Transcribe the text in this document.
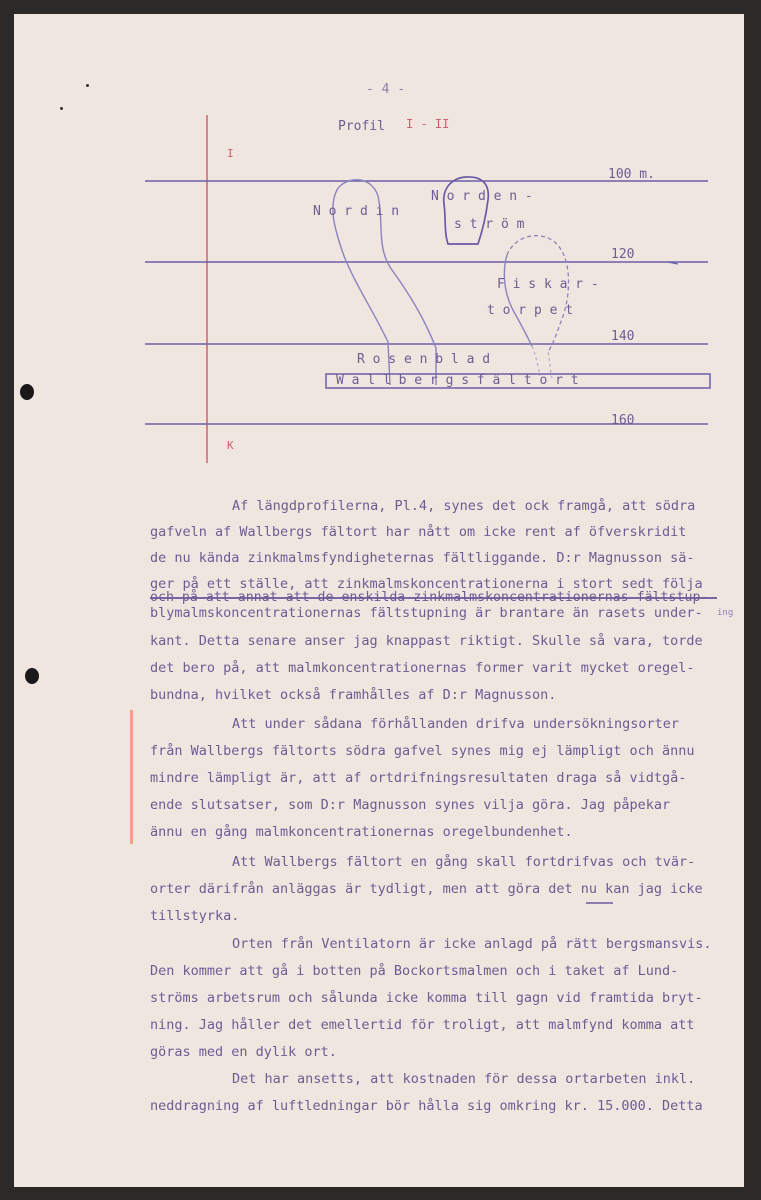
- 4 -
Profil I - II
I
K
100 m.
120
140
160
N o r d i n
N o r d e n -
s t r ö m
F i s k a r -
t o r p e t
R o s e n b l a d
W a l l b e r g s f ä l t o r t
ing
Af längdprofilerna, Pl.4, synes det ock framgå, att södra
gafveln af Wallbergs fältort har nått om icke rent af öfverskridit
de nu kända zinkmalmsfyndigheternas fältliggande. D:r Magnusson sä-
ger på ett ställe, att zinkmalmskoncentrationerna i stort sedt följa
och på att annat att de enskilda zinkmalmskoncentrationernas fältstup-
blymalmskoncentrationernas fältstupning är brantare än rasets under-
kant. Detta senare anser jag knappast riktigt. Skulle så vara, torde
det bero på, att malmkoncentrationernas former varit mycket oregel-
bundna, hvilket också framhålles af D:r Magnusson.
Att under sådana förhållanden drifva undersökningsorter
från Wallbergs fältorts södra gafvel synes mig ej lämpligt och ännu
mindre lämpligt är, att af ortdrifningsresultaten draga så vidtgå-
ende slutsatser, som D:r Magnusson synes vilja göra. Jag påpekar
ännu en gång malmkoncentrationernas oregelbundenhet.
Att Wallbergs fältort en gång skall fortdrifvas och tvär-
orter därifrån anläggas är tydligt, men att göra det nu kan jag icke
tillstyrka.
Orten från Ventilatorn är icke anlagd på rätt bergsmansvis.
Den kommer att gå i botten på Bockortsmalmen och i taket af Lund-
ströms arbetsrum och sålunda icke komma till gagn vid framtida bryt-
ning. Jag håller det emellertid för troligt, att malmfynd komma att
göras med en dylik ort.
Det har ansetts, att kostnaden för dessa ortarbeten inkl.
neddragning af luftledningar bör hålla sig omkring kr. 15.000. Detta
